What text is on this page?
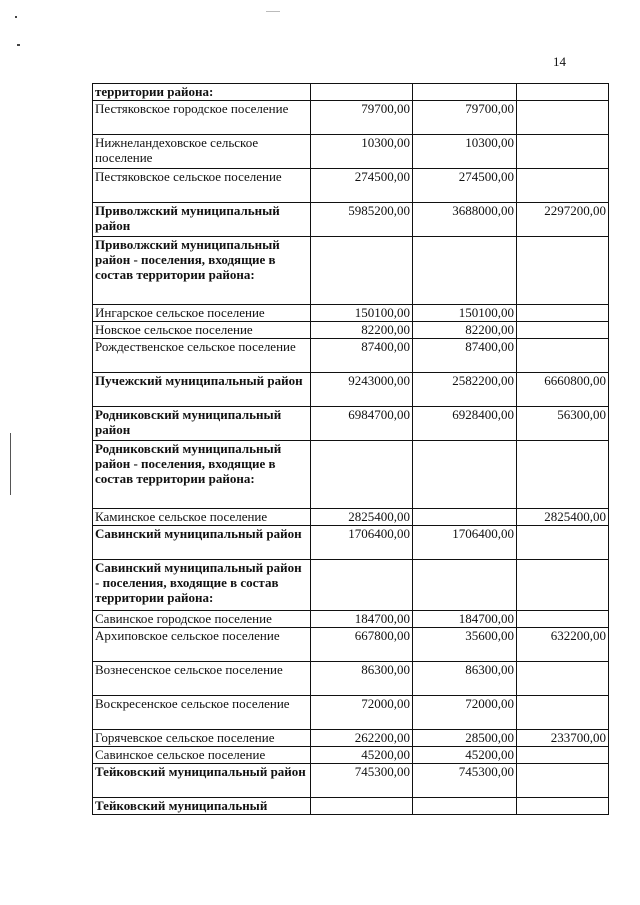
14
территории района:			
Пестяковское городское поселение	79700,00	79700,00	
Нижнеландеховское сельское поселение	10300,00	10300,00	
Пестяковское сельское поселение	274500,00	274500,00	
Приволжский муниципальный район	5985200,00	3688000,00	2297200,00
Приволжский муниципальный район - поселения, входящие в состав территории района:			
Ингарское сельское поселение	150100,00	150100,00	
Новское сельское поселение	82200,00	82200,00	
Рождественское сельское поселение	87400,00	87400,00	
Пучежский муниципальный район	9243000,00	2582200,00	6660800,00
Родниковский муниципальный район	6984700,00	6928400,00	56300,00
Родниковский муниципальный район - поселения, входящие в состав территории района:			
Каминское сельское поселение	2825400,00		2825400,00
Савинский муниципальный район	1706400,00	1706400,00	
Савинский муниципальный район - поселения, входящие в состав территории района:			
Савинское городское поселение	184700,00	184700,00	
Архиповское сельское поселение	667800,00	35600,00	632200,00
Вознесенское сельское поселение	86300,00	86300,00	
Воскресенское сельское поселение	72000,00	72000,00	
Горячевское сельское поселение	262200,00	28500,00	233700,00
Савинское сельское поселение	45200,00	45200,00	
Тейковский муниципальный район	745300,00	745300,00	
Тейковский муниципальный			
